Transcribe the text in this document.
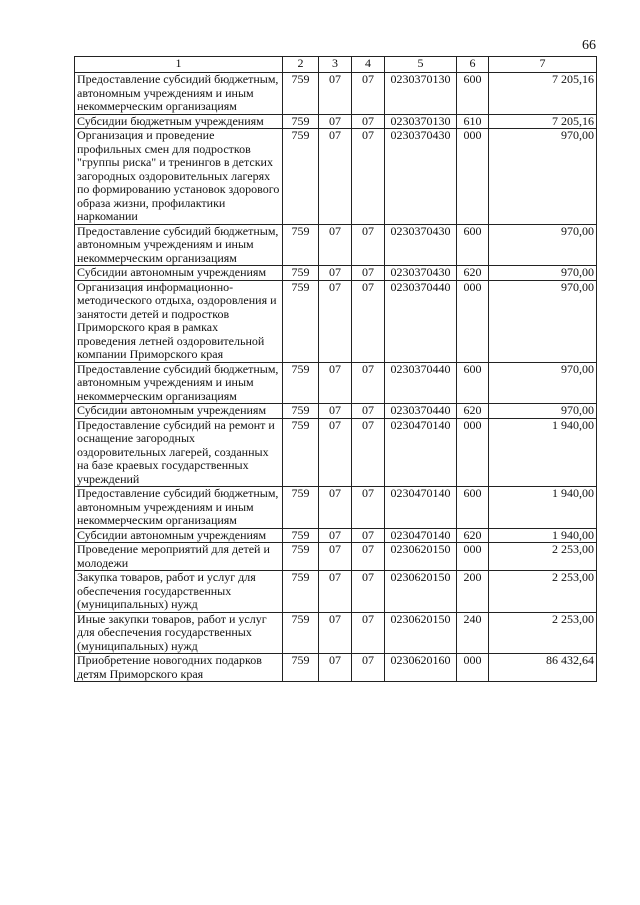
66
1	2	3	4	5	6	7
Предоставление субсидий бюджетным, автономным учреждениям и иным некоммерческим организациям	759	07	07	0230370130	600	7 205,16
Субсидии бюджетным учреждениям	759	07	07	0230370130	610	7 205,16
Организация и проведение профильных смен для подростков "группы риска" и тренингов в детских загородных оздоровительных лагерях по формированию установок здорового образа жизни, профилактики наркомании	759	07	07	0230370430	000	970,00
Предоставление субсидий бюджетным, автономным учреждениям и иным некоммерческим организациям	759	07	07	0230370430	600	970,00
Субсидии автономным учреждениям	759	07	07	0230370430	620	970,00
Организация информационно-методического отдыха, оздоровления и занятости детей и подростков Приморского края в рамках проведения летней оздоровительной компании Приморского края	759	07	07	0230370440	000	970,00
Предоставление субсидий бюджетным, автономным учреждениям и иным некоммерческим организациям	759	07	07	0230370440	600	970,00
Субсидии автономным учреждениям	759	07	07	0230370440	620	970,00
Предоставление субсидий на ремонт и оснащение загородных оздоровительных лагерей, созданных на базе краевых государственных учреждений	759	07	07	0230470140	000	1 940,00
Предоставление субсидий бюджетным, автономным учреждениям и иным некоммерческим организациям	759	07	07	0230470140	600	1 940,00
Субсидии автономным учреждениям	759	07	07	0230470140	620	1 940,00
Проведение мероприятий для детей и молодежи	759	07	07	0230620150	000	2 253,00
Закупка товаров, работ и услуг для обеспечения государственных (муниципальных) нужд	759	07	07	0230620150	200	2 253,00
Иные закупки товаров, работ и услуг для обеспечения государственных (муниципальных) нужд	759	07	07	0230620150	240	2 253,00
Приобретение новогодних подарков детям Приморского края	759	07	07	0230620160	000	86 432,64
